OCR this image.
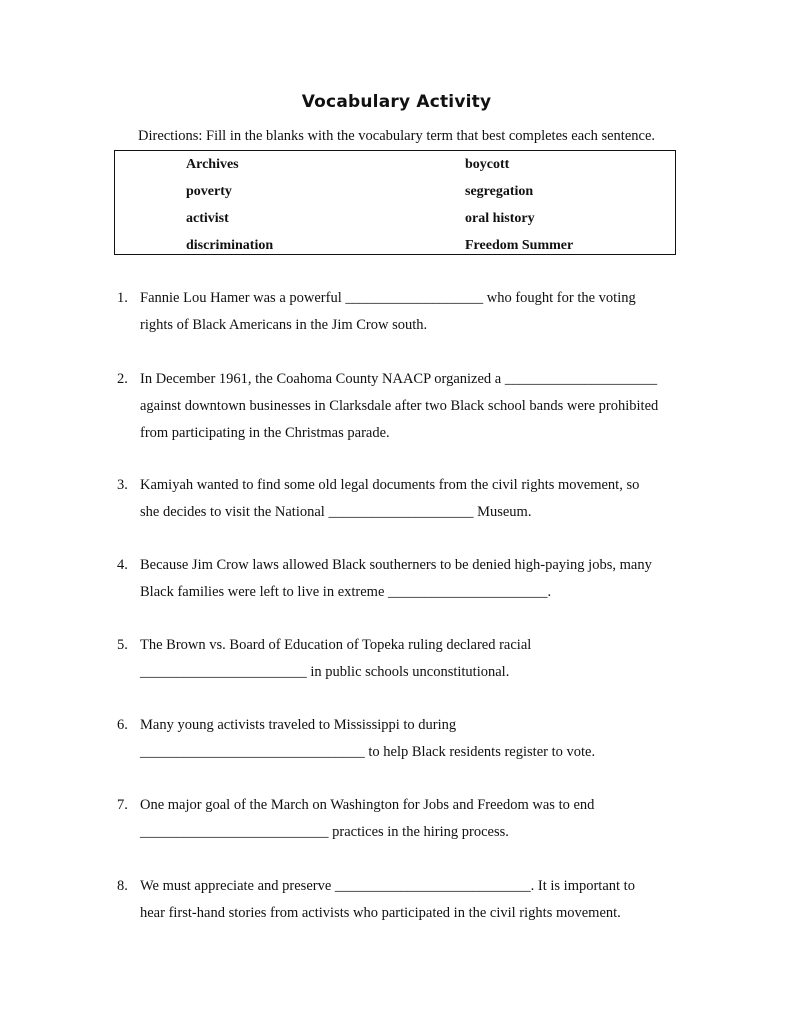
Vocabulary Activity
Directions: Fill in the blanks with the vocabulary term that best completes each sentence.
Archives
poverty
activist
discrimination
boycott
segregation
oral history
Freedom Summer
1. Fannie Lou Hamer was a powerful ___________________ who fought for the voting
rights of Black Americans in the Jim Crow south.
2. In December 1961, the Coahoma County NAACP organized a _____________________
against downtown businesses in Clarksdale after two Black school bands were prohibited
from participating in the Christmas parade.
3. Kamiyah wanted to find some old legal documents from the civil rights movement, so
she decides to visit the National ____________________ Museum.
4. Because Jim Crow laws allowed Black southerners to be denied high-paying jobs, many
Black families were left to live in extreme ______________________.
5. The Brown vs. Board of Education of Topeka ruling declared racial
_______________________ in public schools unconstitutional.
6. Many young activists traveled to Mississippi to during
_______________________________ to help Black residents register to vote.
7. One major goal of the March on Washington for Jobs and Freedom was to end
__________________________ practices in the hiring process.
8. We must appreciate and preserve ___________________________. It is important to
hear first-hand stories from activists who participated in the civil rights movement.
